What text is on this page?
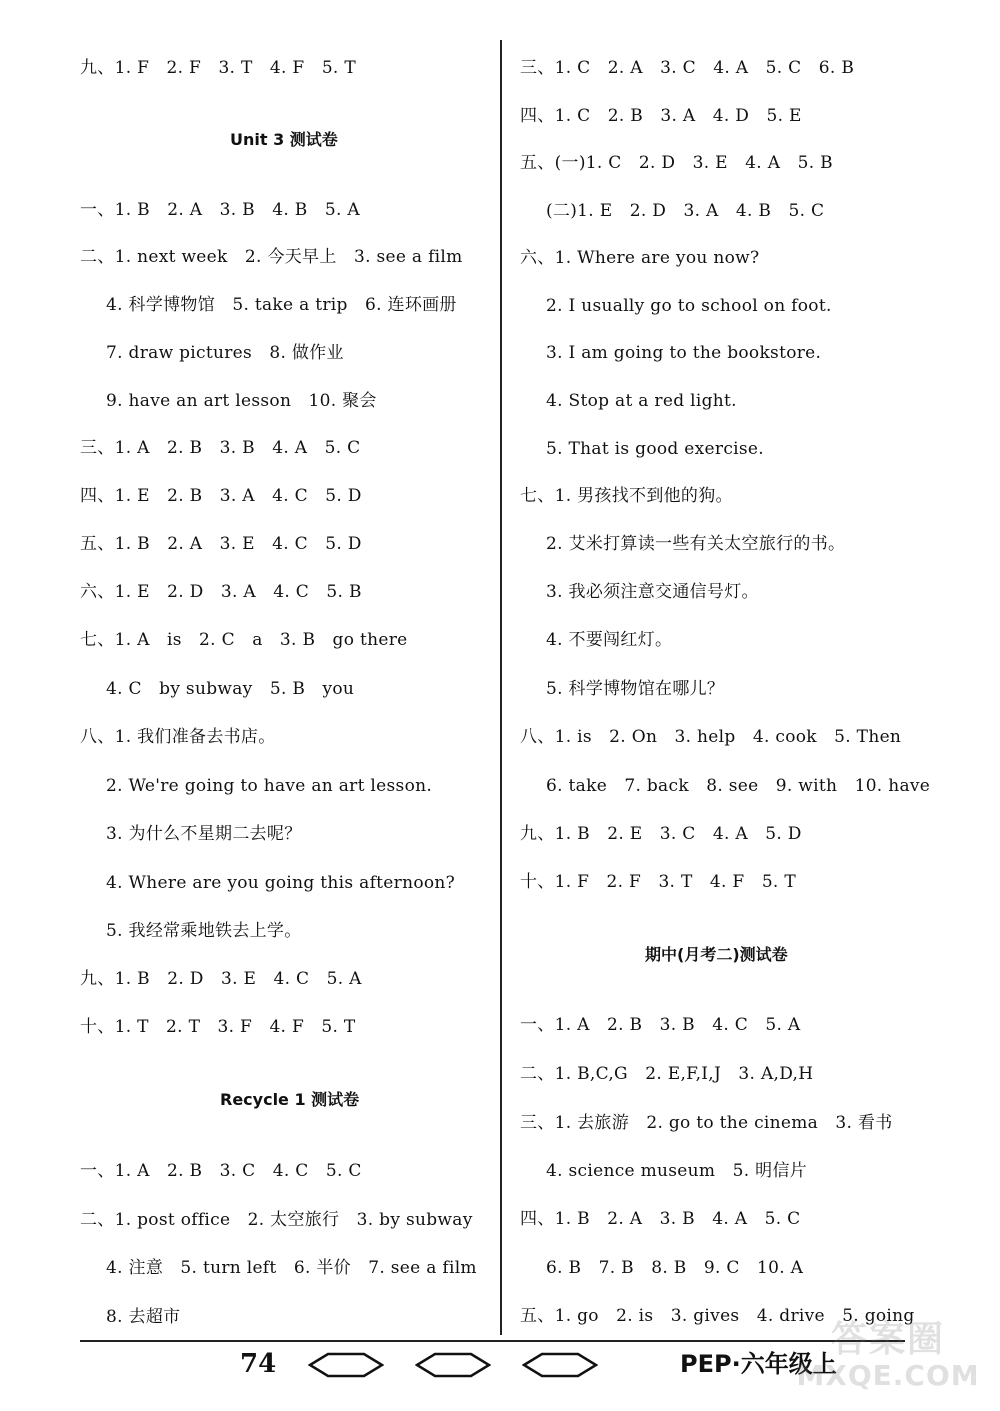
九、1. F　2. F　3. T　4. F　5. T
Unit 3 测试卷
一、1. B　2. A　3. B　4. B　5. A
二、1. next week　2. 今天早上　3. see a film
4. 科学博物馆　5. take a trip　6. 连环画册
7. draw pictures　8. 做作业
9. have an art lesson　10. 聚会
三、1. A　2. B　3. B　4. A　5. C
四、1. E　2. B　3. A　4. C　5. D
五、1. B　2. A　3. E　4. C　5. D
六、1. E　2. D　3. A　4. C　5. B
七、1. A　is　2. C　a　3. B　go there
4. C　by subway　5. B　you
八、1. 我们准备去书店。
2. We're going to have an art lesson.
3. 为什么不星期二去呢？
4. Where are you going this afternoon?
5. 我经常乘地铁去上学。
九、1. B　2. D　3. E　4. C　5. A
十、1. T　2. T　3. F　4. F　5. T
Recycle 1 测试卷
一、1. A　2. B　3. C　4. C　5. C
二、1. post office　2. 太空旅行　3. by subway
4. 注意　5. turn left　6. 半价　7. see a film
8. 去超市
三、1. C　2. A　3. C　4. A　5. C　6. B
四、1. C　2. B　3. A　4. D　5. E
五、(一)1. C　2. D　3. E　4. A　5. B
(二)1. E　2. D　3. A　4. B　5. C
六、1. Where are you now?
2. I usually go to school on foot.
3. I am going to the bookstore.
4. Stop at a red light.
5. That is good exercise.
七、1. 男孩找不到他的狗。
2. 艾米打算读一些有关太空旅行的书。
3. 我必须注意交通信号灯。
4. 不要闯红灯。
5. 科学博物馆在哪儿？
八、1. is　2. On　3. help　4. cook　5. Then
6. take　7. back　8. see　9. with　10. have
九、1. B　2. E　3. C　4. A　5. D
十、1. F　2. F　3. T　4. F　5. T
期中(月考二)测试卷
一、1. A　2. B　3. B　4. C　5. A
二、1. B,C,G　2. E,F,I,J　3. A,D,H
三、1. 去旅游　2. go to the cinema　3. 看书
4. science museum　5. 明信片
四、1. B　2. A　3. B　4. A　5. C
6. B　7. B　8. B　9. C　10. A
五、1. go　2. is　3. gives　4. drive　5. going
74	PEP·六年级上
答案圈
MXQE.COM
